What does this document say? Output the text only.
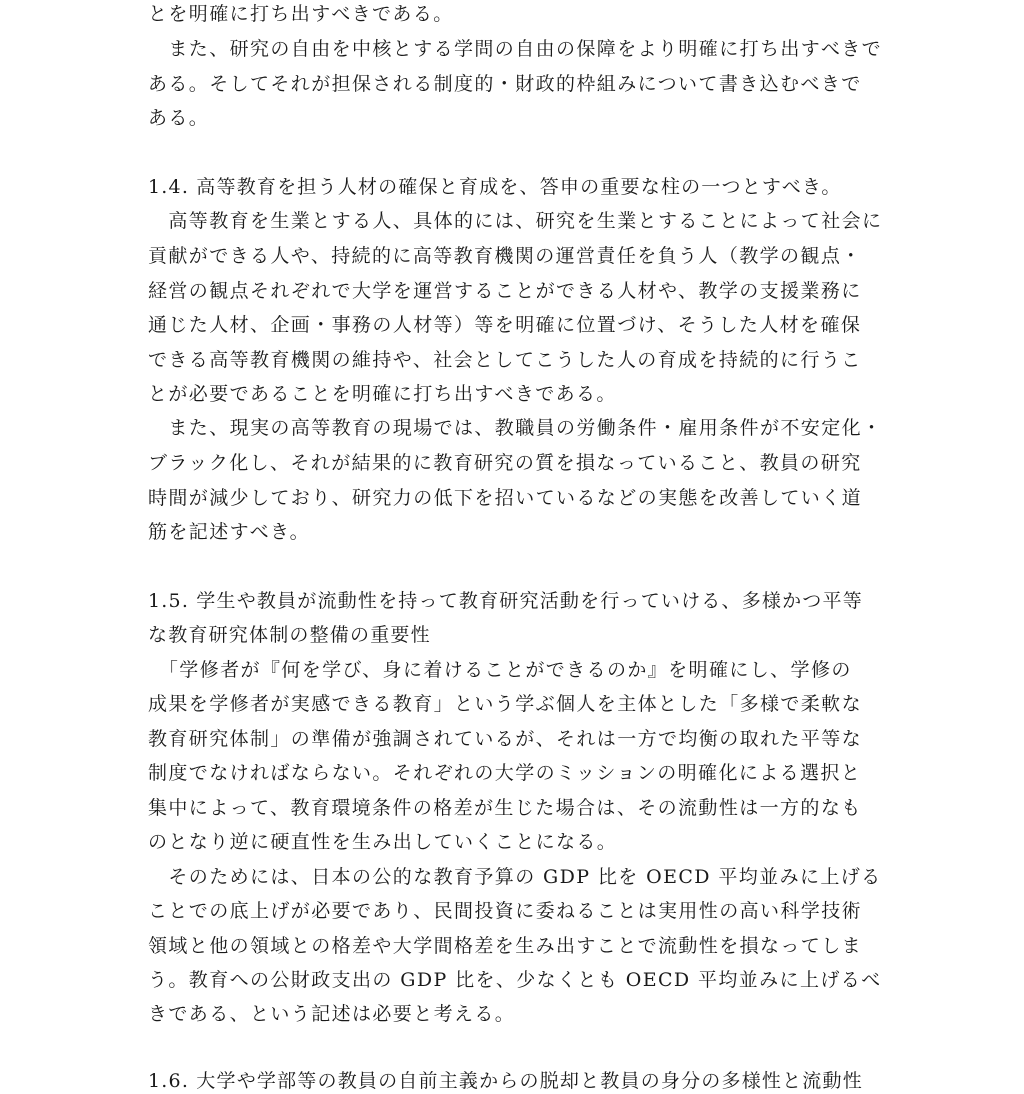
とを明確に打ち出すべきである。

　また、研究の自由を中核とする学問の自由の保障をより明確に打ち出すべきで

ある。そしてそれが担保される制度的・財政的枠組みについて書き込むべきで

ある。

1.4. 高等教育を担う人材の確保と育成を、答申の重要な柱の一つとすべき。

　高等教育を生業とする人、具体的には、研究を生業とすることによって社会に

貢献ができる人や、持続的に高等教育機関の運営責任を負う人（教学の観点・

経営の観点それぞれで大学を運営することができる人材や、教学の支援業務に

通じた人材、企画・事務の人材等）等を明確に位置づけ、そうした人材を確保

できる高等教育機関の維持や、社会としてこうした人の育成を持続的に行うこ

とが必要であることを明確に打ち出すべきである。

　また、現実の高等教育の現場では、教職員の労働条件・雇用条件が不安定化・

ブラック化し、それが結果的に教育研究の質を損なっていること、教員の研究

時間が減少しており、研究力の低下を招いているなどの実態を改善していく道

筋を記述すべき。

1.5. 学生や教員が流動性を持って教育研究活動を行っていける、多様かつ平等

な教育研究体制の整備の重要性

　「学修者が『何を学び、身に着けることができるのか』を明確にし、学修の

成果を学修者が実感できる教育」という学ぶ個人を主体とした「多様で柔軟な

教育研究体制」の準備が強調されているが、それは一方で均衡の取れた平等な

制度でなければならない。それぞれの大学のミッションの明確化による選択と

集中によって、教育環境条件の格差が生じた場合は、その流動性は一方的なも

のとなり逆に硬直性を生み出していくことになる。

　そのためには、日本の公的な教育予算の GDP 比を OECD 平均並みに上げる

ことでの底上げが必要であり、民間投資に委ねることは実用性の高い科学技術

領域と他の領域との格差や大学間格差を生み出すことで流動性を損なってしま

う。教育への公財政支出の GDP 比を、少なくとも OECD 平均並みに上げるべ

きである、という記述は必要と考える。

1.6. 大学や学部等の教員の自前主義からの脱却と教員の身分の多様性と流動性
